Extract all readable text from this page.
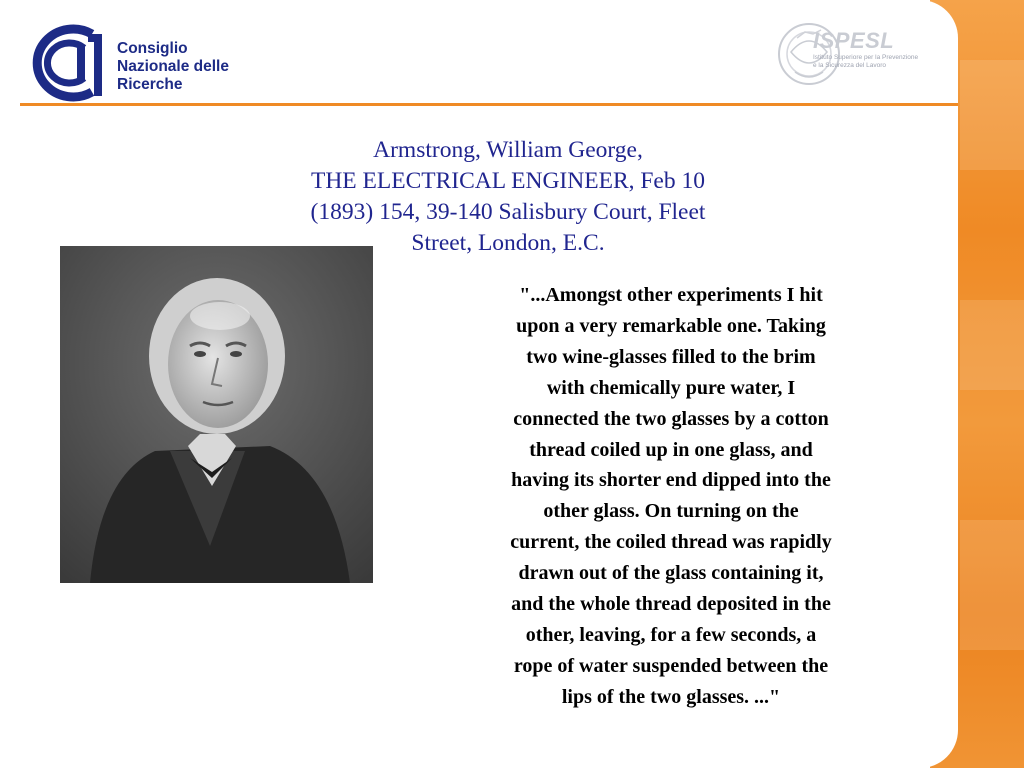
Consiglio
Nazionale delle
Ricerche
ISPESL
Istituto Superiore per la Prevenzione
e la Sicurezza del Lavoro
Armstrong, William George,
THE ELECTRICAL ENGINEER, Feb 10
(1893) 154, 39-140 Salisbury Court, Fleet
Street, London, E.C.
"...Amongst other experiments I hit
upon a very remarkable one. Taking
two wine-glasses filled to the brim
with chemically pure water, I
connected the two glasses by a cotton
thread coiled up in one glass, and
having its shorter end dipped into the
other glass. On turning on the
current, the coiled thread was rapidly
drawn out of the glass containing it,
and the whole thread deposited in the
other, leaving, for a few seconds, a
rope of water suspended between the
lips of the two glasses. ..."
